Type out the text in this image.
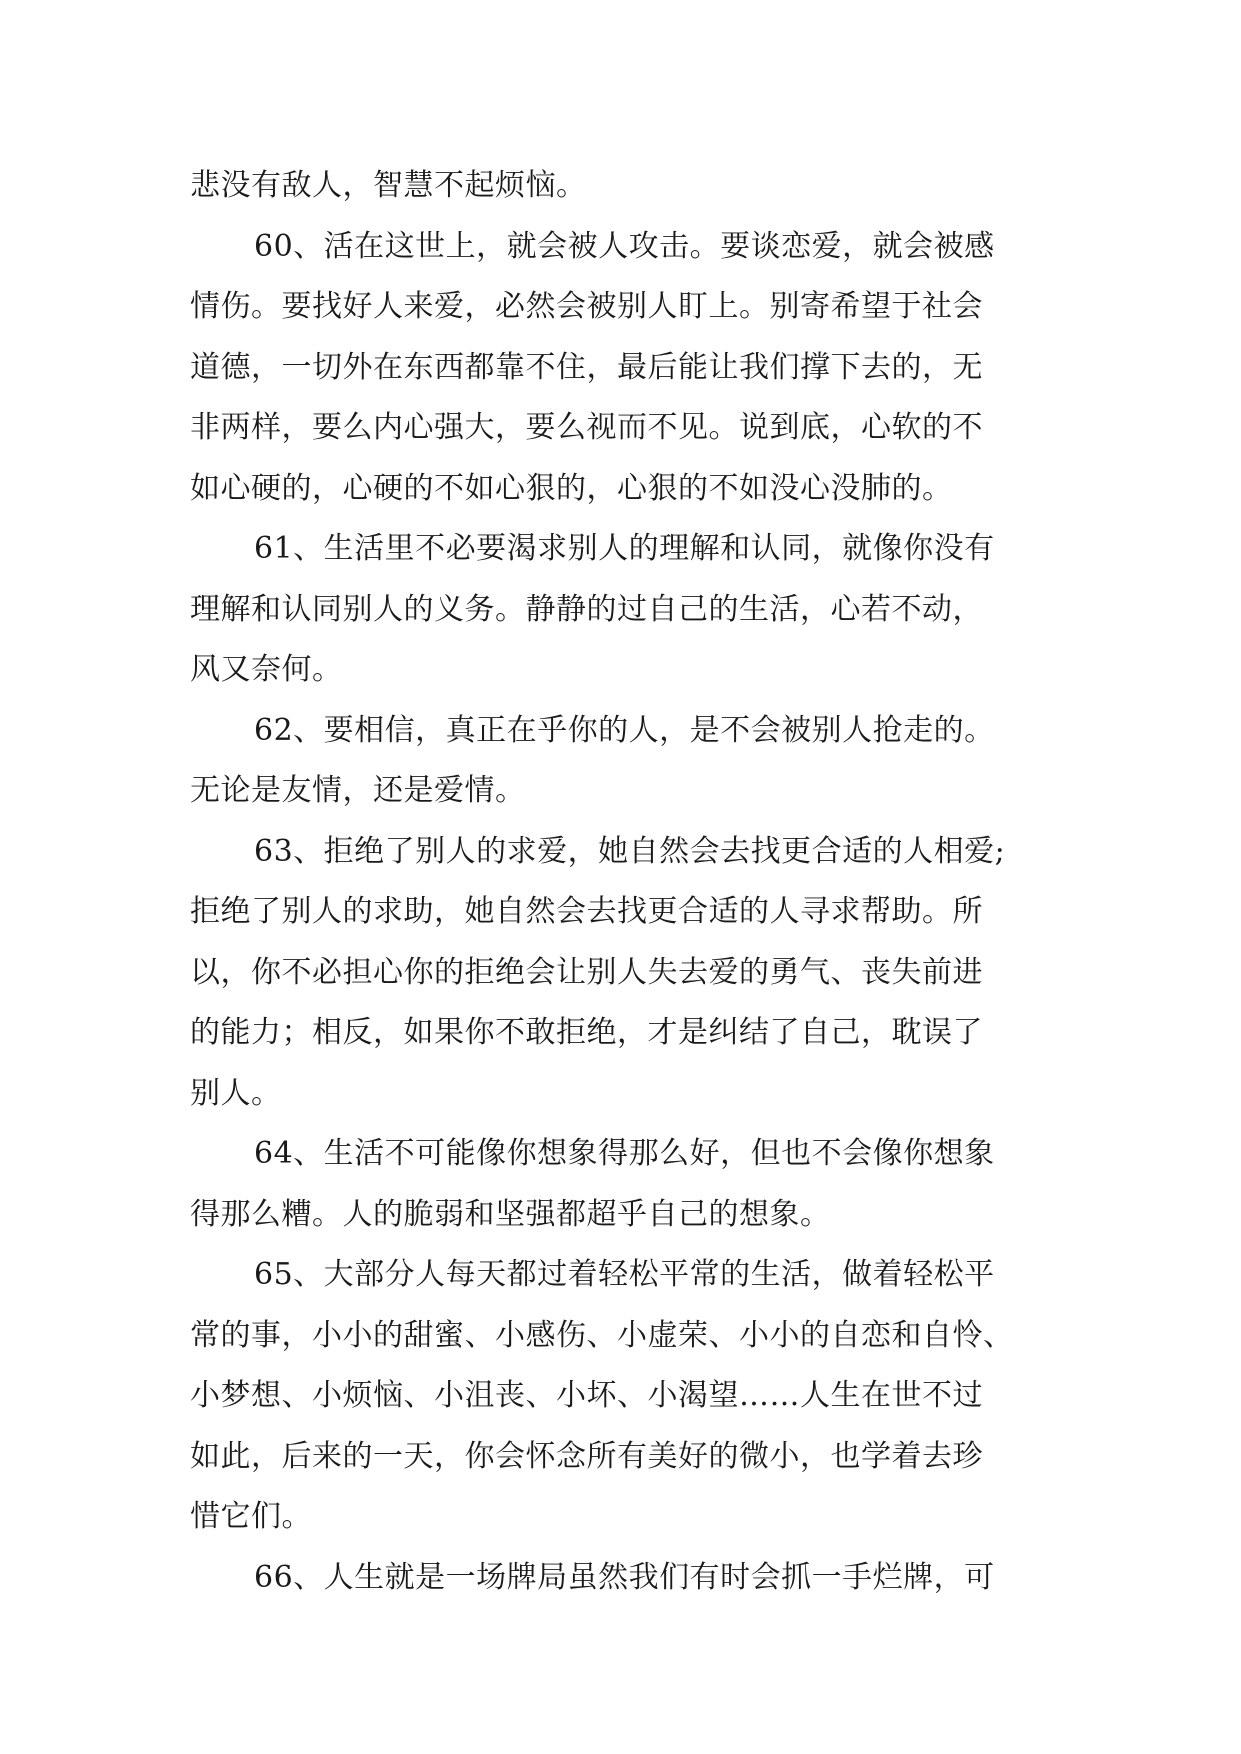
悲没有敌人，智慧不起烦恼。
60、活在这世上，就会被人攻击。要谈恋爱，就会被感
情伤。要找好人来爱，必然会被别人盯上。别寄希望于社会
道德，一切外在东西都靠不住，最后能让我们撑下去的，无
非两样，要么内心强大，要么视而不见。说到底，心软的不
如心硬的，心硬的不如心狠的，心狠的不如没心没肺的。
61、生活里不必要渴求别人的理解和认同，就像你没有
理解和认同别人的义务。静静的过自己的生活，心若不动，
风又奈何。
62、要相信，真正在乎你的人，是不会被别人抢走的。
无论是友情，还是爱情。
63、拒绝了别人的求爱，她自然会去找更合适的人相爱;
拒绝了别人的求助，她自然会去找更合适的人寻求帮助。所
以，你不必担心你的拒绝会让别人失去爱的勇气、丧失前进
的能力；相反，如果你不敢拒绝，才是纠结了自己，耽误了
别人。
64、生活不可能像你想象得那么好，但也不会像你想象
得那么糟。人的脆弱和坚强都超乎自己的想象。
65、大部分人每天都过着轻松平常的生活，做着轻松平
常的事，小小的甜蜜、小感伤、小虚荣、小小的自恋和自怜、
小梦想、小烦恼、小沮丧、小坏、小渴望……人生在世不过
如此，后来的一天，你会怀念所有美好的微小，也学着去珍
惜它们。
66、人生就是一场牌局虽然我们有时会抓一手烂牌，可
